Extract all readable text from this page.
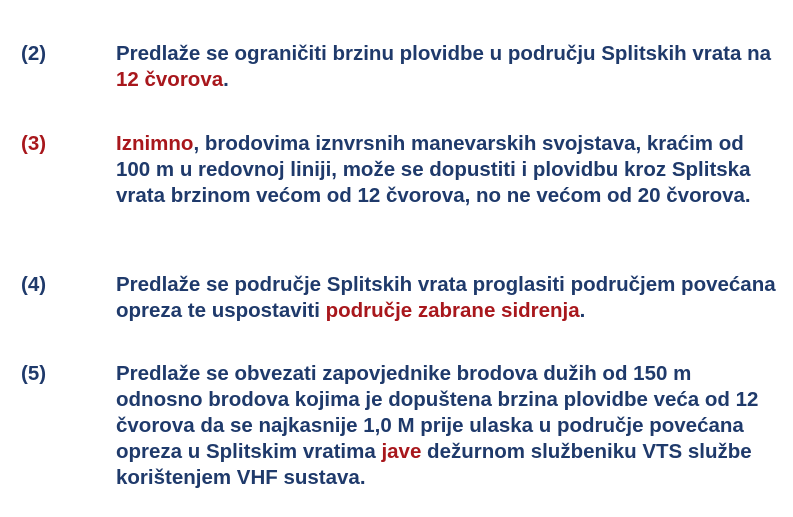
(2)	Predlaže se ograničiti brzinu plovidbe u području Splitskih vrata na 12 čvorova.
(3)	Iznimno, brodovima iznvrsnih manevarskih svojstava, kraćim od 100 m u redovnoj liniji, može se dopustiti i plovidbu kroz Splitska vrata brzinom većom od 12 čvorova, no ne većom od 20 čvorova.
(4)	Predlaže se područje Splitskih vrata proglasiti područjem povećana opreza te uspostaviti područje zabrane sidrenja.
(5)	Predlaže se obvezati zapovjednike brodova dužih od 150 m odnosno brodova kojima je dopuštena brzina plovidbe veća od 12 čvorova da se najkasnije 1,0 M prije ulaska u područje povećana opreza u Splitskim vratima jave dežurnom službeniku VTS službe korištenjem VHF sustava.
